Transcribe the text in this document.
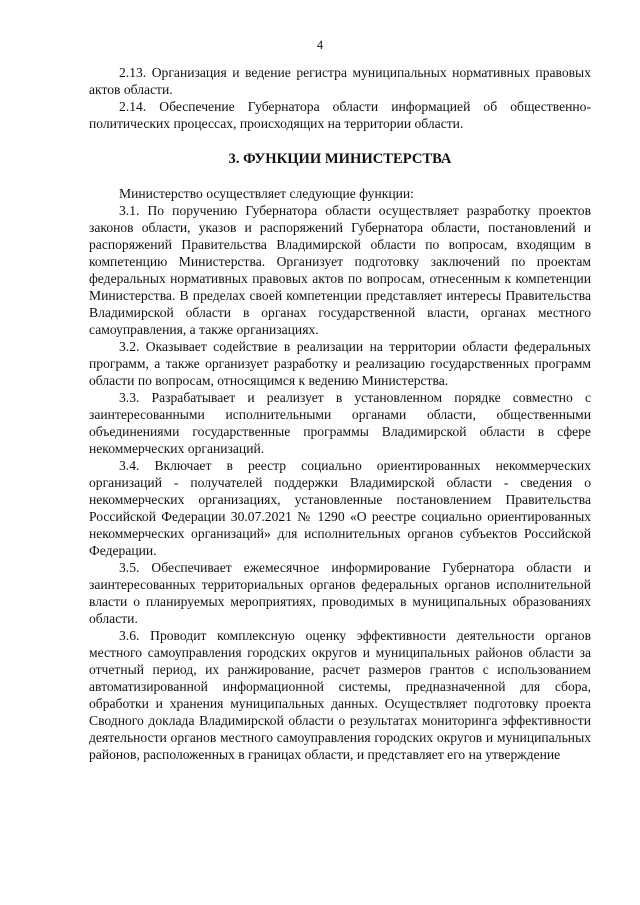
4

2.13. Организация и ведение регистра муниципальных нормативных правовых актов области.

2.14. Обеспечение Губернатора области информацией об общественно-политических процессах, происходящих на территории области.

3. ФУНКЦИИ МИНИСТЕРСТВА

Министерство осуществляет следующие функции:

3.1. По поручению Губернатора области осуществляет разработку проектов законов области, указов и распоряжений Губернатора области, постановлений и распоряжений Правительства Владимирской области по вопросам, входящим в компетенцию Министерства. Организует подготовку заключений по проектам федеральных нормативных правовых актов по вопросам, отнесенным к компетенции Министерства. В пределах своей компетенции представляет интересы Правительства Владимирской области в органах государственной власти, органах местного самоуправления, а также организациях.

3.2. Оказывает содействие в реализации на территории области федеральных программ, а также организует разработку и реализацию государственных программ области по вопросам, относящимся к ведению Министерства.

3.3. Разрабатывает и реализует в установленном порядке совместно с заинтересованными исполнительными органами области, общественными объединениями государственные программы Владимирской области в сфере некоммерческих организаций.

3.4. Включает в реестр социально ориентированных некоммерческих организаций - получателей поддержки Владимирской области - сведения о некоммерческих организациях, установленные постановлением Правительства Российской Федерации 30.07.2021 № 1290 «О реестре социально ориентированных некоммерческих организаций» для исполнительных органов субъектов Российской Федерации.

3.5. Обеспечивает ежемесячное информирование Губернатора области и заинтересованных территориальных органов федеральных органов исполнительной власти о планируемых мероприятиях, проводимых в муниципальных образованиях области.

3.6. Проводит комплексную оценку эффективности деятельности органов местного самоуправления городских округов и муниципальных районов области за отчетный период, их ранжирование, расчет размеров грантов с использованием автоматизированной информационной системы, предназначенной для сбора, обработки и хранения муниципальных данных. Осуществляет подготовку проекта Сводного доклада Владимирской области о результатах мониторинга эффективности деятельности органов местного самоуправления городских округов и муниципальных районов, расположенных в границах области, и представляет его на утверждение
